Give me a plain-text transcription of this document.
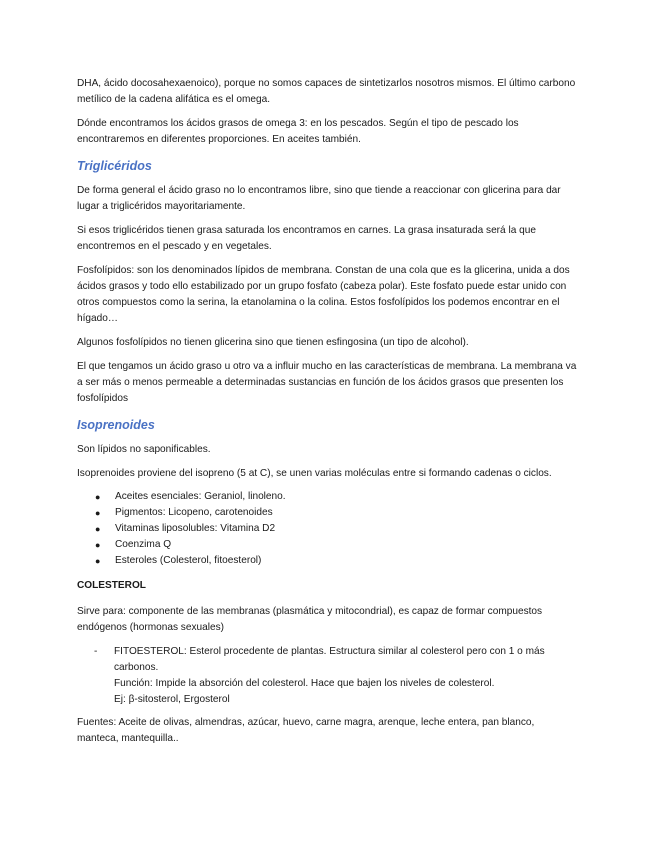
DHA, ácido docosahexaenoico), porque no somos capaces de sintetizarlos nosotros mismos. El último carbono metílico de la cadena alifática es el omega.

Dónde encontramos los ácidos grasos de omega 3: en los pescados. Según el tipo de pescado los encontraremos en diferentes proporciones. En aceites también.

Triglicéridos

De forma general el ácido graso no lo encontramos libre, sino que tiende a reaccionar con glicerina para dar lugar a triglicéridos mayoritariamente.

Si esos triglicéridos tienen grasa saturada los encontramos en carnes. La grasa insaturada será la que encontremos en el pescado y en vegetales.

Fosfolípidos: son los denominados lípidos de membrana. Constan de una cola que es la glicerina, unida a dos ácidos grasos y todo ello estabilizado por un grupo fosfato (cabeza polar). Este fosfato puede estar unido con otros compuestos como la serina, la etanolamina o la colina. Estos fosfolípidos los podemos encontrar en el hígado…

Algunos fosfolípidos no tienen glicerina sino que tienen esfingosina (un tipo de alcohol).

El que tengamos un ácido graso u otro va a influir mucho en las características de membrana. La membrana va a ser más o menos permeable a determinadas sustancias en función de los ácidos grasos que presenten los fosfolípidos

Isoprenoides

Son lípidos no saponificables.

Isoprenoides proviene del isopreno (5 at C), se unen varias moléculas entre si formando cadenas o ciclos.

● Aceites esenciales: Geraniol, linoleno.
● Pigmentos: Licopeno, carotenoides
● Vitaminas liposolubles: Vitamina D2
● Coenzima Q
● Esteroles (Colesterol, fitoesterol)

COLESTEROL

Sirve para: componente de las membranas (plasmática y mitocondrial), es capaz de formar compuestos endógenos (hormonas sexuales)

- FITOESTEROL: Esterol procedente de plantas. Estructura similar al colesterol pero con 1 o más carbonos.
Función: Impide la absorción del colesterol. Hace que bajen los niveles de colesterol.
Ej: β-sitosterol, Ergosterol

Fuentes: Aceite de olivas, almendras, azúcar, huevo, carne magra, arenque, leche entera, pan blanco, manteca, mantequilla..
